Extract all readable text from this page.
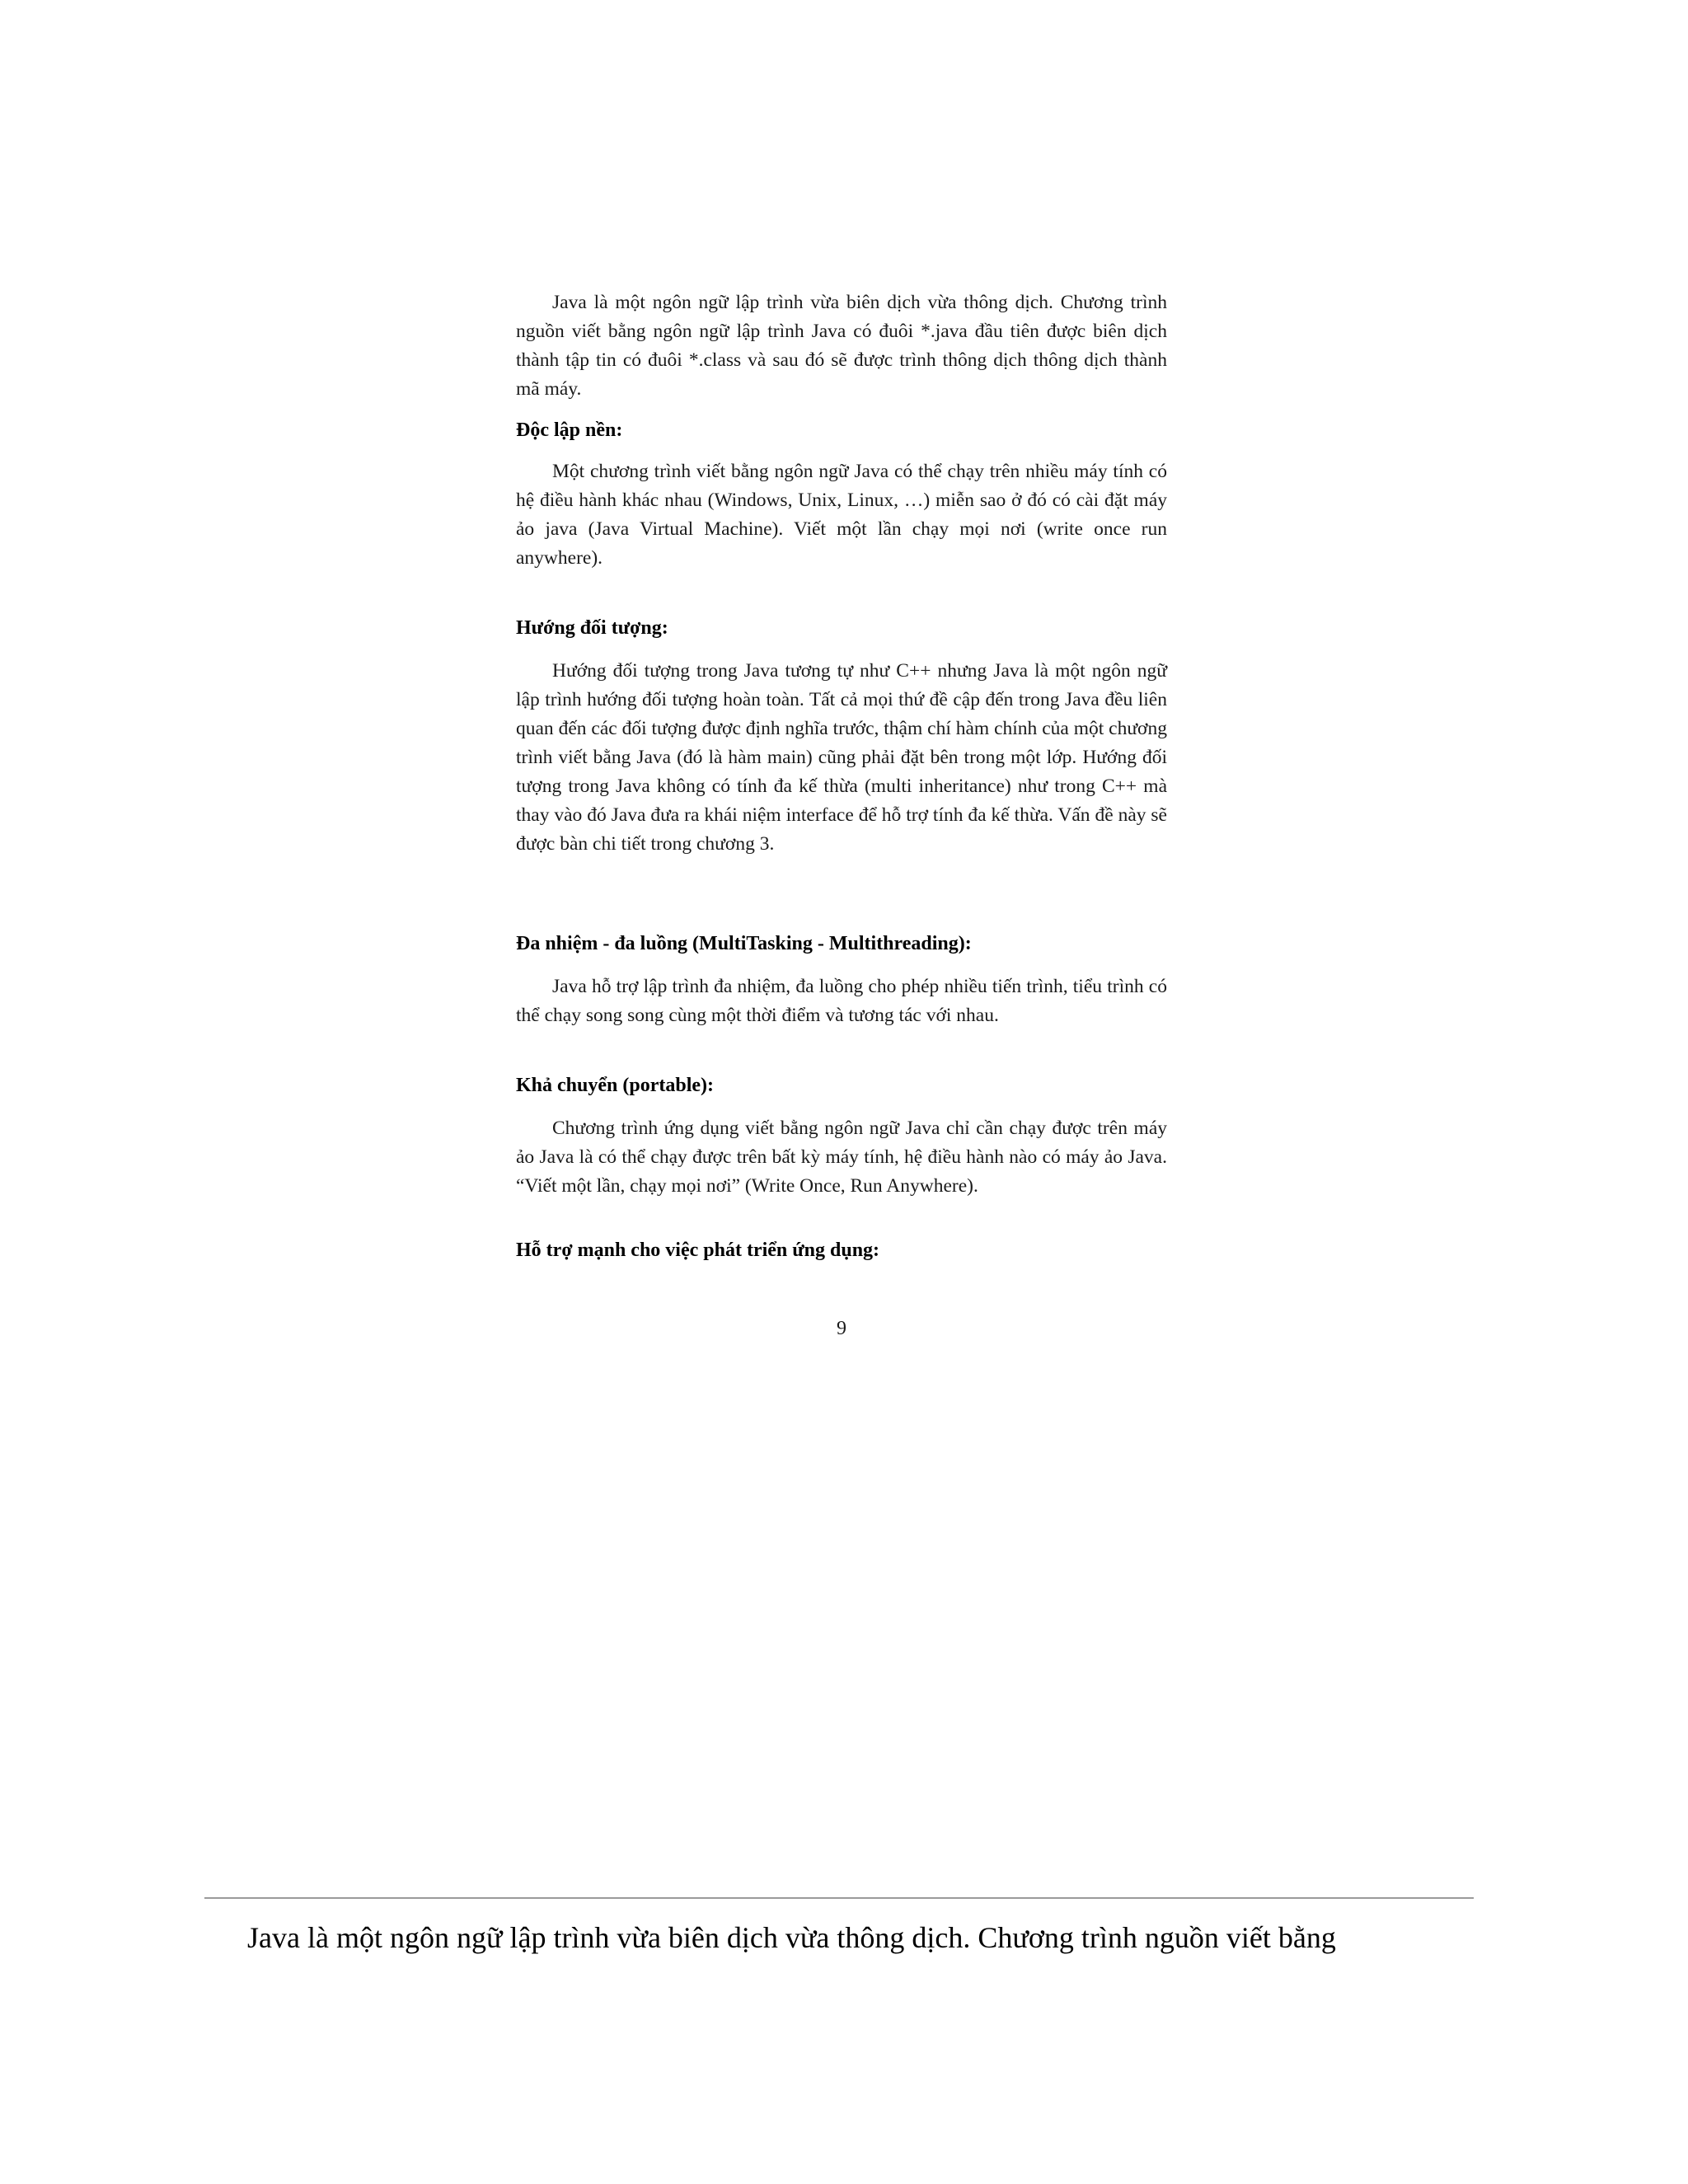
Java là một ngôn ngữ lập trình vừa biên dịch vừa thông dịch. Chương trình nguồn viết bằng ngôn ngữ lập trình Java có đuôi *.java đầu tiên được biên dịch thành tập tin có đuôi *.class và sau đó sẽ được trình thông dịch thông dịch thành mã máy.

Độc lập nền:

Một chương trình viết bằng ngôn ngữ Java có thể chạy trên nhiều máy tính có hệ điều hành khác nhau (Windows, Unix, Linux, …) miễn sao ở đó có cài đặt máy ảo java (Java Virtual Machine). Viết một lần chạy mọi nơi (write once run anywhere).

Hướng đối tượng:

Hướng đối tượng trong Java tương tự như C++ nhưng Java là một ngôn ngữ lập trình hướng đối tượng hoàn toàn. Tất cả mọi thứ đề cập đến trong Java đều liên quan đến các đối tượng được định nghĩa trước, thậm chí hàm chính của một chương trình viết bằng Java (đó là hàm main) cũng phải đặt bên trong một lớp. Hướng đối tượng trong Java không có tính đa kế thừa (multi inheritance) như trong C++ mà thay vào đó Java đưa ra khái niệm interface để hỗ trợ tính đa kế thừa. Vấn đề này sẽ được bàn chi tiết trong chương 3.

Đa nhiệm - đa luồng (MultiTasking - Multithreading):

Java hỗ trợ lập trình đa nhiệm, đa luồng cho phép nhiều tiến trình, tiểu trình có thể chạy song song cùng một thời điểm và tương tác với nhau.

Khả chuyển (portable):

Chương trình ứng dụng viết bằng ngôn ngữ Java chỉ cần chạy được trên máy ảo Java là có thể chạy được trên bất kỳ máy tính, hệ điều hành nào có máy ảo Java. “Viết một lần, chạy mọi nơi” (Write Once, Run Anywhere).

Hỗ trợ mạnh cho việc phát triển ứng dụng:
9
Java là một ngôn ngữ lập trình vừa biên dịch vừa thông dịch. Chương trình nguồn viết bằng
